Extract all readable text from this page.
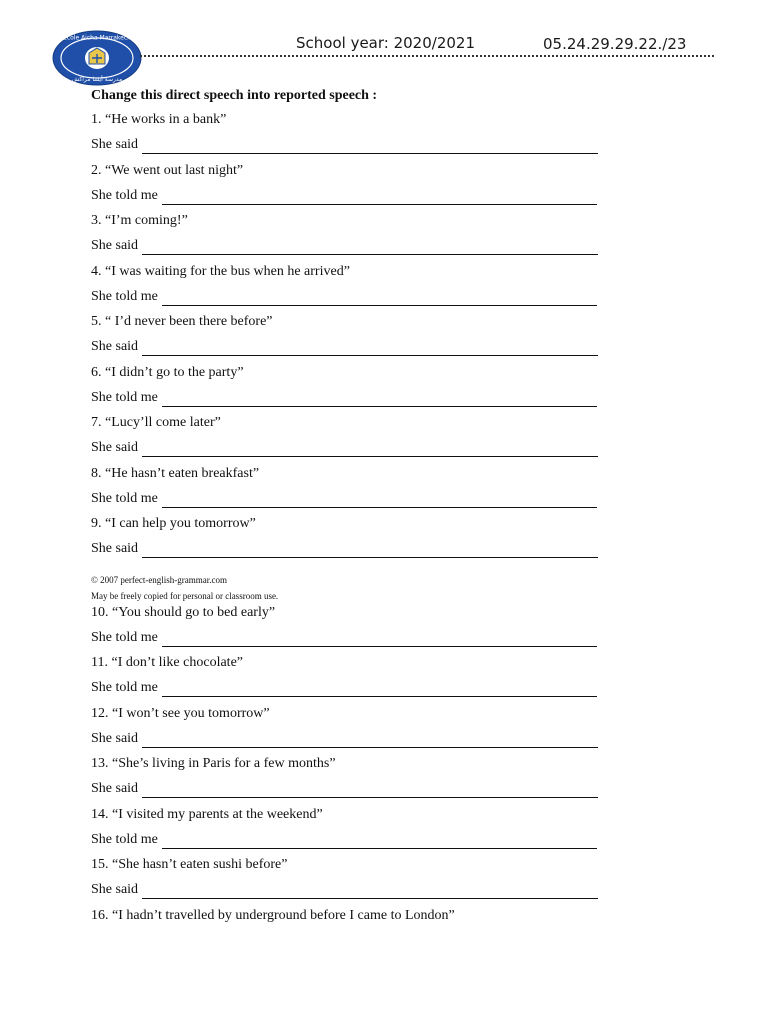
Ecole Aicha Marrakech
مدرسة أيشا مراكش
School year: 2020/2021	05.24.29.29.22./23

Change this direct speech into reported speech :

1. “He works in a bank”
She said
2. “We went out last night”
She told me
3. “I’m coming!”
She said
4. “I was waiting for the bus when he arrived”
She told me
5. “ I’d never been there before”
She said
6. “I didn’t go to the party”
She told me
7. “Lucy’ll come later”
She said
8. “He hasn’t eaten breakfast”
She told me
9. “I can help you tomorrow”
She said
© 2007 perfect-english-grammar.com
May be freely copied for personal or classroom use.
10. “You should go to bed early”
She told me
11. “I don’t like chocolate”
She told me
12. “I won’t see you tomorrow”
She said
13. “She’s living in Paris for a few months”
She said
14. “I visited my parents at the weekend”
She told me
15. “She hasn’t eaten sushi before”
She said
16. “I hadn’t travelled by underground before I came to London”
